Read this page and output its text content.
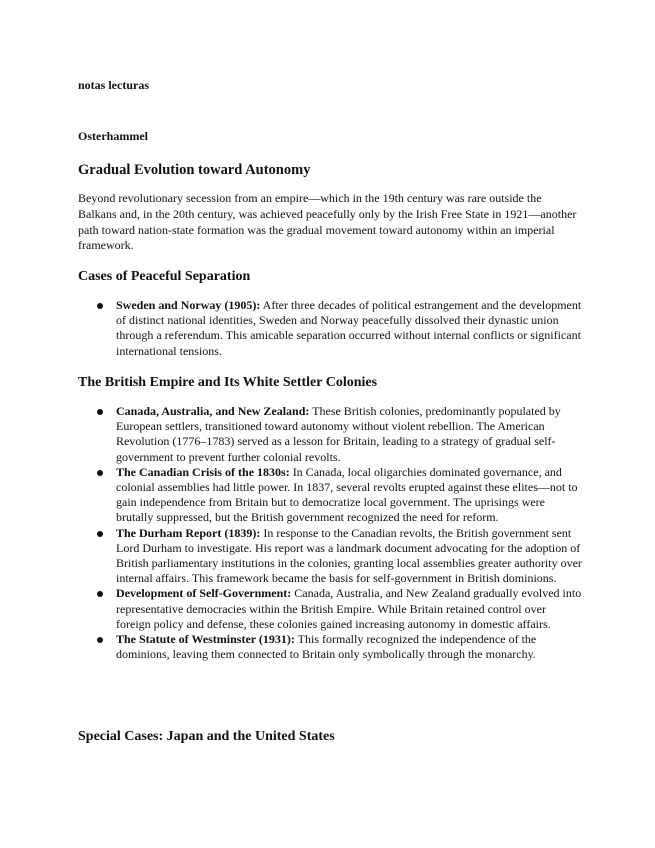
notas lecturas
Osterhammel
Gradual Evolution toward Autonomy

Beyond revolutionary secession from an empire—which in the 19th century was rare outside the Balkans and, in the 20th century, was achieved peacefully only by the Irish Free State in 1921—another path toward nation-state formation was the gradual movement toward autonomy within an imperial framework.

Cases of Peaceful Separation
Sweden and Norway (1905): After three decades of political estrangement and the development of distinct national identities, Sweden and Norway peacefully dissolved their dynastic union through a referendum. This amicable separation occurred without internal conflicts or significant international tensions.
The British Empire and Its White Settler Colonies
Canada, Australia, and New Zealand: These British colonies, predominantly populated by European settlers, transitioned toward autonomy without violent rebellion. The American Revolution (1776–1783) served as a lesson for Britain, leading to a strategy of gradual self-government to prevent further colonial revolts.
The Canadian Crisis of the 1830s: In Canada, local oligarchies dominated governance, and colonial assemblies had little power. In 1837, several revolts erupted against these elites—not to gain independence from Britain but to democratize local government. The uprisings were brutally suppressed, but the British government recognized the need for reform.
The Durham Report (1839): In response to the Canadian revolts, the British government sent Lord Durham to investigate. His report was a landmark document advocating for the adoption of British parliamentary institutions in the colonies, granting local assemblies greater authority over internal affairs. This framework became the basis for self-government in British dominions.
Development of Self-Government: Canada, Australia, and New Zealand gradually evolved into representative democracies within the British Empire. While Britain retained control over foreign policy and defense, these colonies gained increasing autonomy in domestic affairs.
The Statute of Westminster (1931): This formally recognized the independence of the dominions, leaving them connected to Britain only symbolically through the monarchy.
Special Cases: Japan and the United States
